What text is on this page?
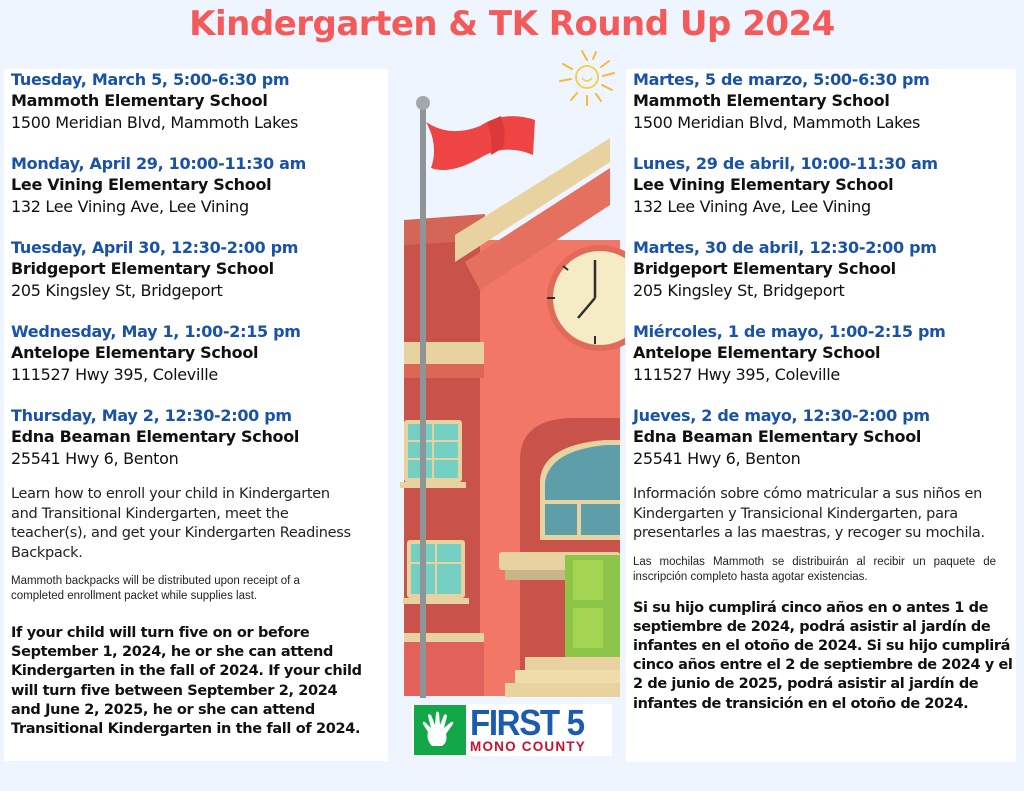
Kindergarten & TK Round Up 2024
Tuesday, March 5, 5:00-6:30 pm
Mammoth Elementary School
1500 Meridian Blvd, Mammoth Lakes
Monday, April 29, 10:00-11:30 am
Lee Vining Elementary School
132 Lee Vining Ave, Lee Vining
Tuesday, April 30, 12:30-2:00 pm
Bridgeport Elementary School
205 Kingsley St, Bridgeport
Wednesday, May 1, 1:00-2:15 pm
Antelope Elementary School
111527 Hwy 395, Coleville
Thursday, May 2, 12:30-2:00 pm
Edna Beaman Elementary School
25541 Hwy 6, Benton

Learn how to enroll your child in Kindergarten and Transitional Kindergarten, meet the teacher(s), and get your Kindergarten Readiness Backpack.

Mammoth backpacks will be distributed upon receipt of a completed enrollment packet while supplies last.

If your child will turn five on or before September 1, 2024, he or she can attend Kindergarten in the fall of 2024. If your child will turn five between September 2, 2024 and June 2, 2025, he or she can attend Transitional Kindergarten in the fall of 2024.	FIRST 5
MONO COUNTY
Martes, 5 de marzo, 5:00-6:30 pm
Mammoth Elementary School
1500 Meridian Blvd, Mammoth Lakes
Lunes, 29 de abril, 10:00-11:30 am
Lee Vining Elementary School
132 Lee Vining Ave, Lee Vining
Martes, 30 de abril, 12:30-2:00 pm
Bridgeport Elementary School
205 Kingsley St, Bridgeport
Miércoles, 1 de mayo, 1:00-2:15 pm
Antelope Elementary School
111527 Hwy 395, Coleville
Jueves, 2 de mayo, 12:30-2:00 pm
Edna Beaman Elementary School
25541 Hwy 6, Benton

Información sobre cómo matricular a sus niños en Kindergarten y Transicional Kindergarten, para presentarles a las maestras, y recoger su mochila.

Las mochilas Mammoth se distribuirán al recibir un paquete de inscripción completo hasta agotar existencias.

Si su hijo cumplirá cinco años en o antes 1 de septiembre de 2024, podrá asistir al jardín de infantes en el otoño de 2024. Si su hijo cumplirá cinco años entre el 2 de septiembre de 2024 y el 2 de junio de 2025, podrá asistir al jardín de infantes de transición en el otoño de 2024.
